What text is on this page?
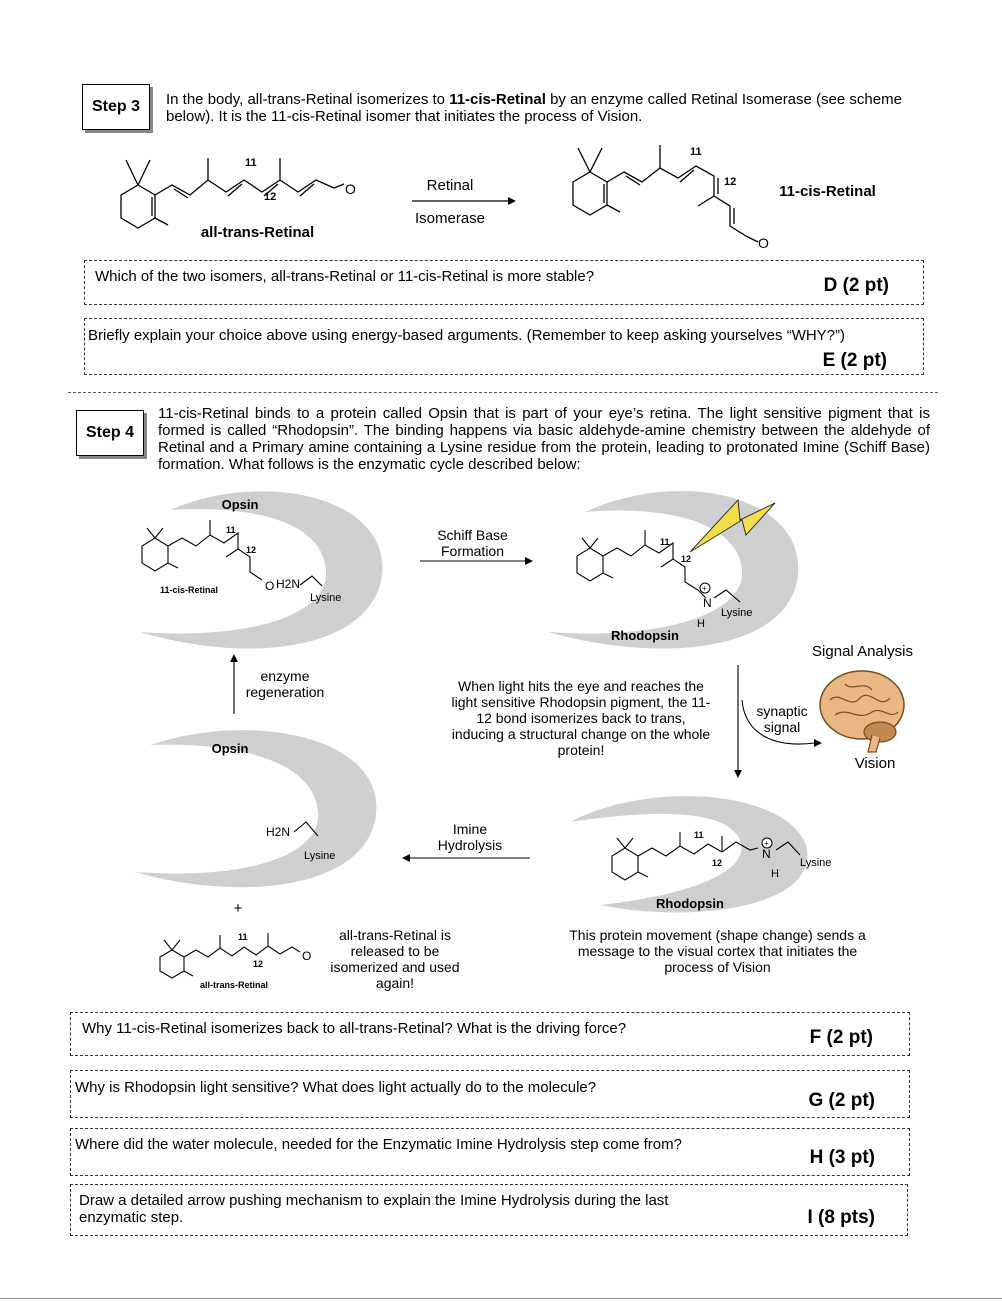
Step 3 In the body, all-trans-Retinal isomerizes to 11-cis-Retinal by an enzyme called Retinal Isomerase (see scheme below). It is the 11-cis-Retinal isomer that initiates the process of Vision.
11
12	O
11
12
O
all-trans-Retinal
Retinal
Isomerase
11-cis-Retinal
Which of the two isomers, all-trans-Retinal or 11-cis-Retinal is more stable?	D (2 pt)
Briefly explain your choice above using energy-based arguments. (Remember to keep asking yourselves “WHY?”)
E (2 pt)
Step 4
11-cis-Retinal binds to a protein called Opsin that is part of your eye’s retina. The light sensitive pigment that is formed is called “Rhodopsin”. The binding happens via basic aldehyde-amine chemistry between the aldehyde of Retinal and a Primary amine containing a Lysine residue from the protein, leading to protonated Imine (Schiff Base) formation. What follows is the enzymatic cycle described below:
+
+
11
12
O H2N
Lysine
11-cis-Retinal
11
12
N
H
Lysine
11
12
N
H
Lysine
H2N
Lysine
11
12
O
all-trans-Retinal
Opsin
Rhodopsin
Opsin
Rhodopsin
Schiff Base Formation
enzyme regeneration
Imine Hydrolysis
When light hits the eye and reaches the light sensitive Rhodopsin pigment, the 11-12 bond isomerizes back to trans, inducing a structural change on the whole protein!
synaptic signal
Signal Analysis
Vision
+
all-trans-Retinal is released to be isomerized and used again!
This protein movement (shape change) sends a message to the visual cortex that initiates the process of Vision
Why 11-cis-Retinal isomerizes back to all-trans-Retinal? What is the driving force?	F (2 pt)
Why is Rhodopsin light sensitive? What does light actually do to the molecule?
G (2 pt)
Where did the water molecule, needed for the Enzymatic Imine Hydrolysis step come from?
H (3 pt)
Draw a detailed arrow pushing mechanism to explain the Imine Hydrolysis during the last enzymatic step.	I (8 pts)
